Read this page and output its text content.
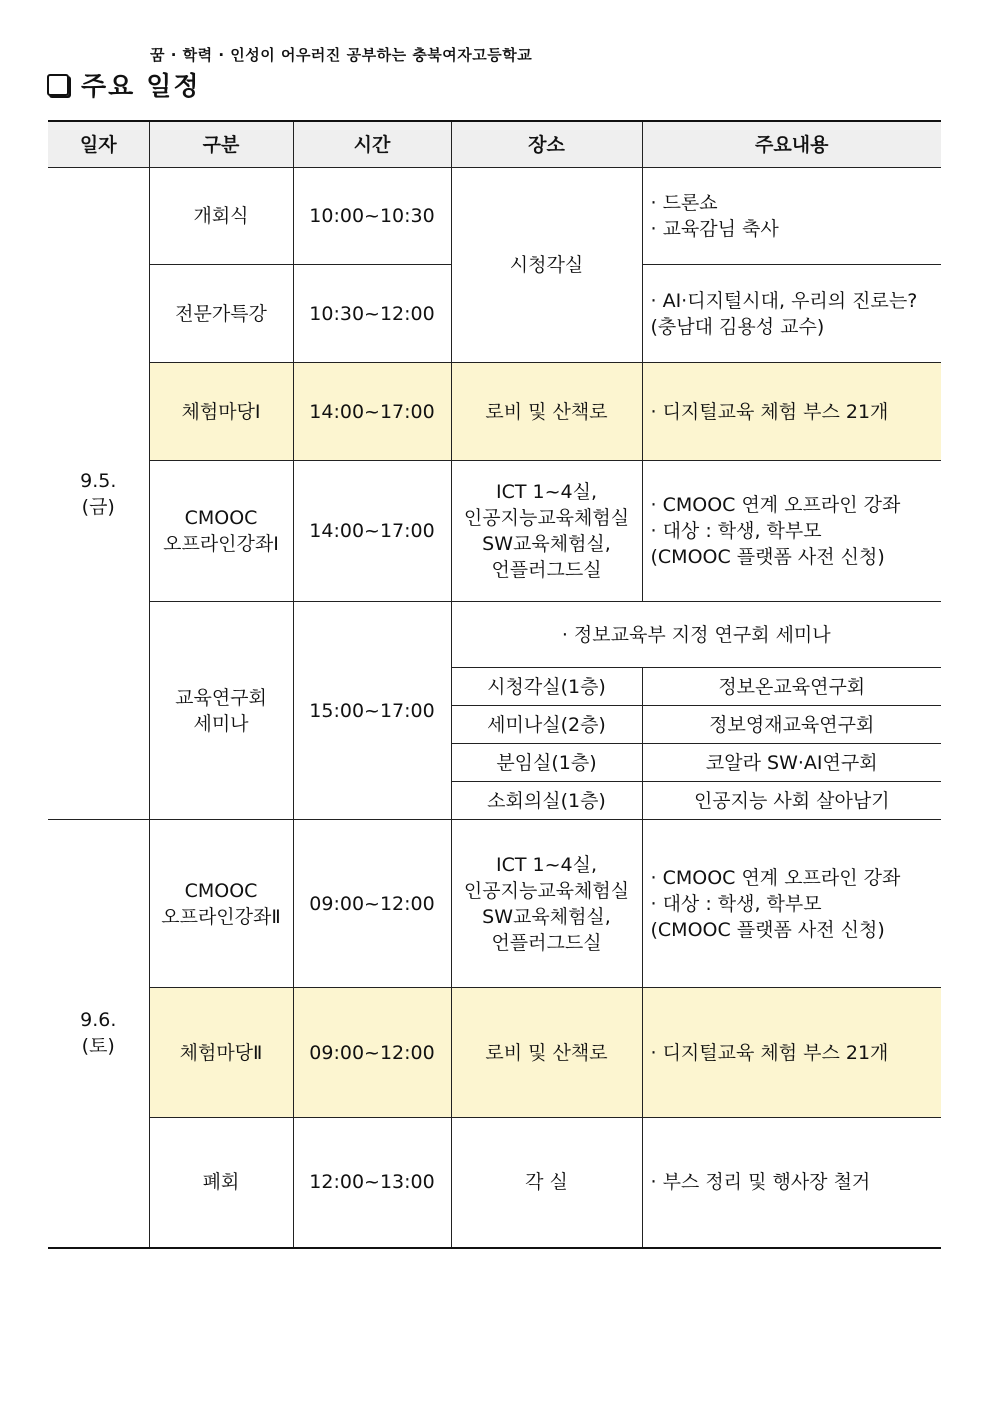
꿈 · 학력 · 인성이 어우러진 공부하는 충북여자고등학교
주요 일정
일자	구분	시간	장소	주요내용
9.5.
(금)	개회식	10:00~10:30	시청각실	· 드론쇼
· 교육감님 축사
	전문가특강	10:30~12:00		· AI·디지털시대, 우리의 진로는?
(충남대 김용성 교수)
	체험마당Ⅰ	14:00~17:00	로비 및 산책로	· 디지털교육 체험 부스 21개
	CMOOC
오프라인강좌Ⅰ	14:00~17:00	ICT 1~4실,
인공지능교육체험실
SW교육체험실,
언플러그드실	· CMOOC 연계 오프라인 강좌
· 대상 : 학생, 학부모
(CMOOC 플랫폼 사전 신청)
	교육연구회
세미나	15:00~17:00	· 정보교육부 지정 연구회 세미나	
			시청각실(1층)	정보온교육연구회
			세미나실(2층)	정보영재교육연구회
			분임실(1층)	코알라 SW·AI연구회
			소회의실(1층)	인공지능 사회 살아남기
9.6.
(토)	CMOOC
오프라인강좌Ⅱ	09:00~12:00	ICT 1~4실,
인공지능교육체험실
SW교육체험실,
언플러그드실	· CMOOC 연계 오프라인 강좌
· 대상 : 학생, 학부모
(CMOOC 플랫폼 사전 신청)
	체험마당Ⅱ	09:00~12:00	로비 및 산책로	· 디지털교육 체험 부스 21개
	폐회	12:00~13:00	각 실	· 부스 정리 및 행사장 철거
